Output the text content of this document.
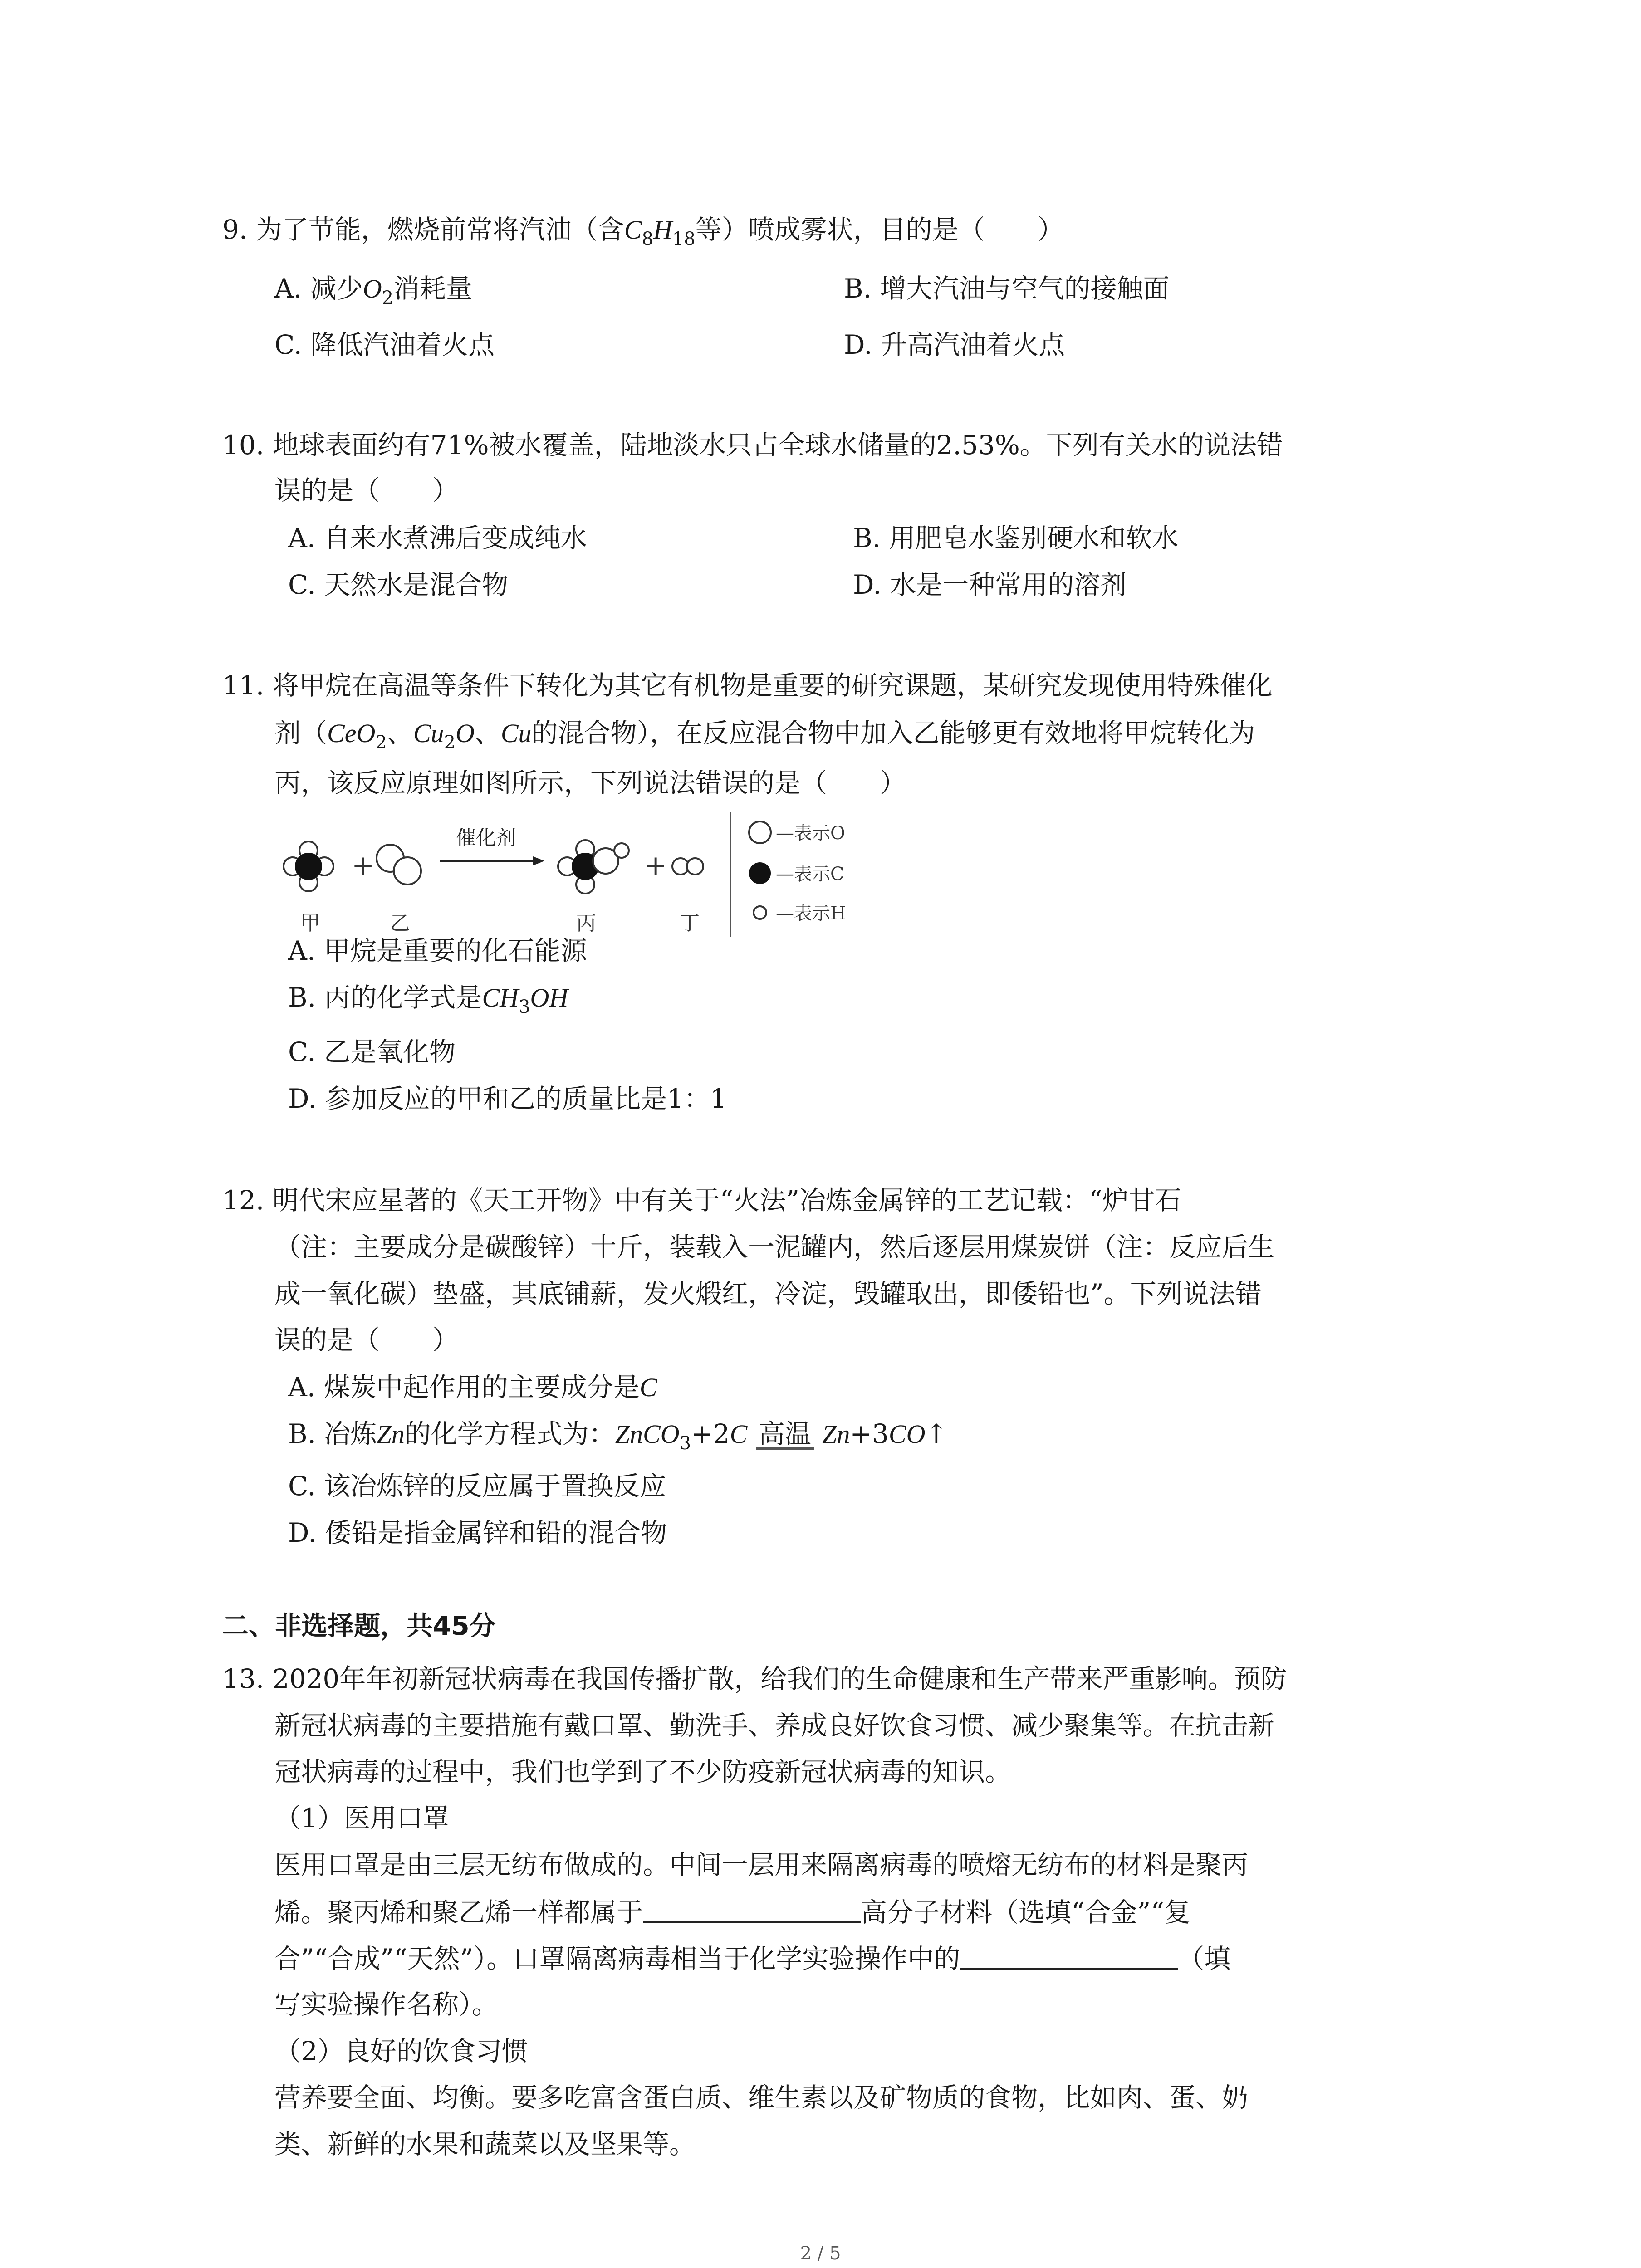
9. 为了节能，燃烧前常将汽油（含$C_8H_{18}$等）喷成雾状，目的是（　　）
A. 减少$O_2$消耗量	B. 增大汽油与空气的接触面
C. 降低汽油着火点	D. 升高汽油着火点
10. 地球表面约有71%被水覆盖，陆地淡水只占全球水储量的2.53%。下列有关水的说法错
误的是（　　）
A. 自来水煮沸后变成纯水	B. 用肥皂水鉴别硬水和软水
C. 天然水是混合物	D. 水是一种常用的溶剂
11. 将甲烷在高温等条件下转化为其它有机物是重要的研究课题，某研究发现使用特殊催化
剂（CeO$_2$、$Cu_2O$、Cu的混合物），在反应混合物中加入乙能够更有效地将甲烷转化为
丙，该反应原理如图所示，下列说法错误的是（　　）
+
催化剂
+
甲	乙	丙	丁
—表示O
—表示C
—表示H
A. 甲烷是重要的化石能源
B. 丙的化学式是$CH_3OH$
C. 乙是氧化物
D. 参加反应的甲和乙的质量比是1：1
12. 明代宋应星著的《天工开物》中有关于“火法”冶炼金属锌的工艺记载：“炉甘石
（注：主要成分是碳酸锌）十斤，装载入一泥罐内，然后逐层用煤炭饼（注：反应后生
成一氧化碳）垫盛，其底铺薪，发火煅红，冷淀，毁罐取出，即倭铅也”。下列说法错
误的是（　　）
A. 煤炭中起作用的主要成分是C
B. 冶炼Zn的化学方程式为：ZnCO$_3$+2C 高温 Zn+3CO↑
C. 该冶炼锌的反应属于置换反应
D. 倭铅是指金属锌和铅的混合物
二、非选择题，共45分
13. 2020年年初新冠状病毒在我国传播扩散，给我们的生命健康和生产带来严重影响。预防
新冠状病毒的主要措施有戴口罩、勤洗手、养成良好饮食习惯、减少聚集等。在抗击新
冠状病毒的过程中，我们也学到了不少防疫新冠状病毒的知识。
（1）医用口罩
医用口罩是由三层无纺布做成的。中间一层用来隔离病毒的喷熔无纺布的材料是聚丙
烯。聚丙烯和聚乙烯一样都属于	高分子材料（选填“合金”“复
合”“合成”“天然”）。口罩隔离病毒相当于化学实验操作中的	（填
写实验操作名称）。
（2）良好的饮食习惯
营养要全面、均衡。要多吃富含蛋白质、维生素以及矿物质的食物，比如肉、蛋、奶
类、新鲜的水果和蔬菜以及坚果等。
2 / 5
